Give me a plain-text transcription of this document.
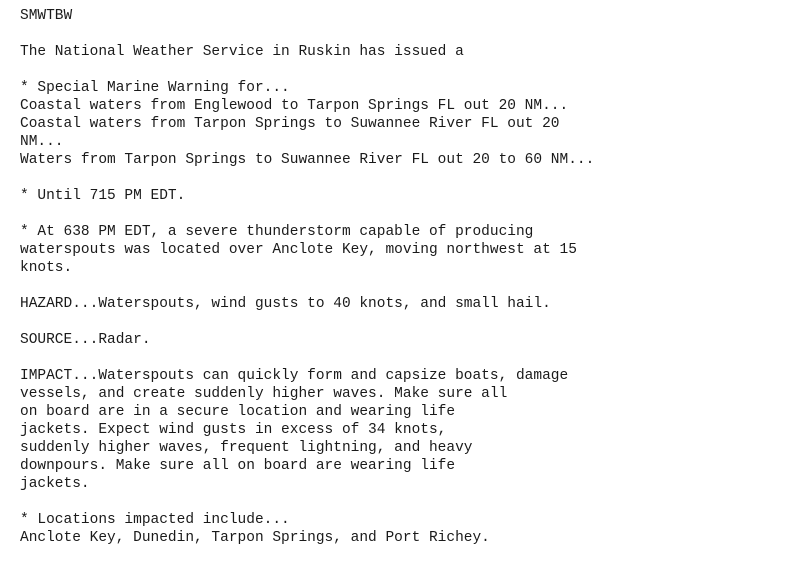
SMWTBW
The National Weather Service in Ruskin has issued a
* Special Marine Warning for...
Coastal waters from Englewood to Tarpon Springs FL out 20 NM...
Coastal waters from Tarpon Springs to Suwannee River FL out 20
NM...
Waters from Tarpon Springs to Suwannee River FL out 20 to 60 NM...
* Until 715 PM EDT.
* At 638 PM EDT, a severe thunderstorm capable of producing
waterspouts was located over Anclote Key, moving northwest at 15
knots.
HAZARD...Waterspouts, wind gusts to 40 knots, and small hail.
SOURCE...Radar.
IMPACT...Waterspouts can quickly form and capsize boats, damage
vessels, and create suddenly higher waves. Make sure all
on board are in a secure location and wearing life
jackets. Expect wind gusts in excess of 34 knots,
suddenly higher waves, frequent lightning, and heavy
downpours. Make sure all on board are wearing life
jackets.
* Locations impacted include...
Anclote Key, Dunedin, Tarpon Springs, and Port Richey.
